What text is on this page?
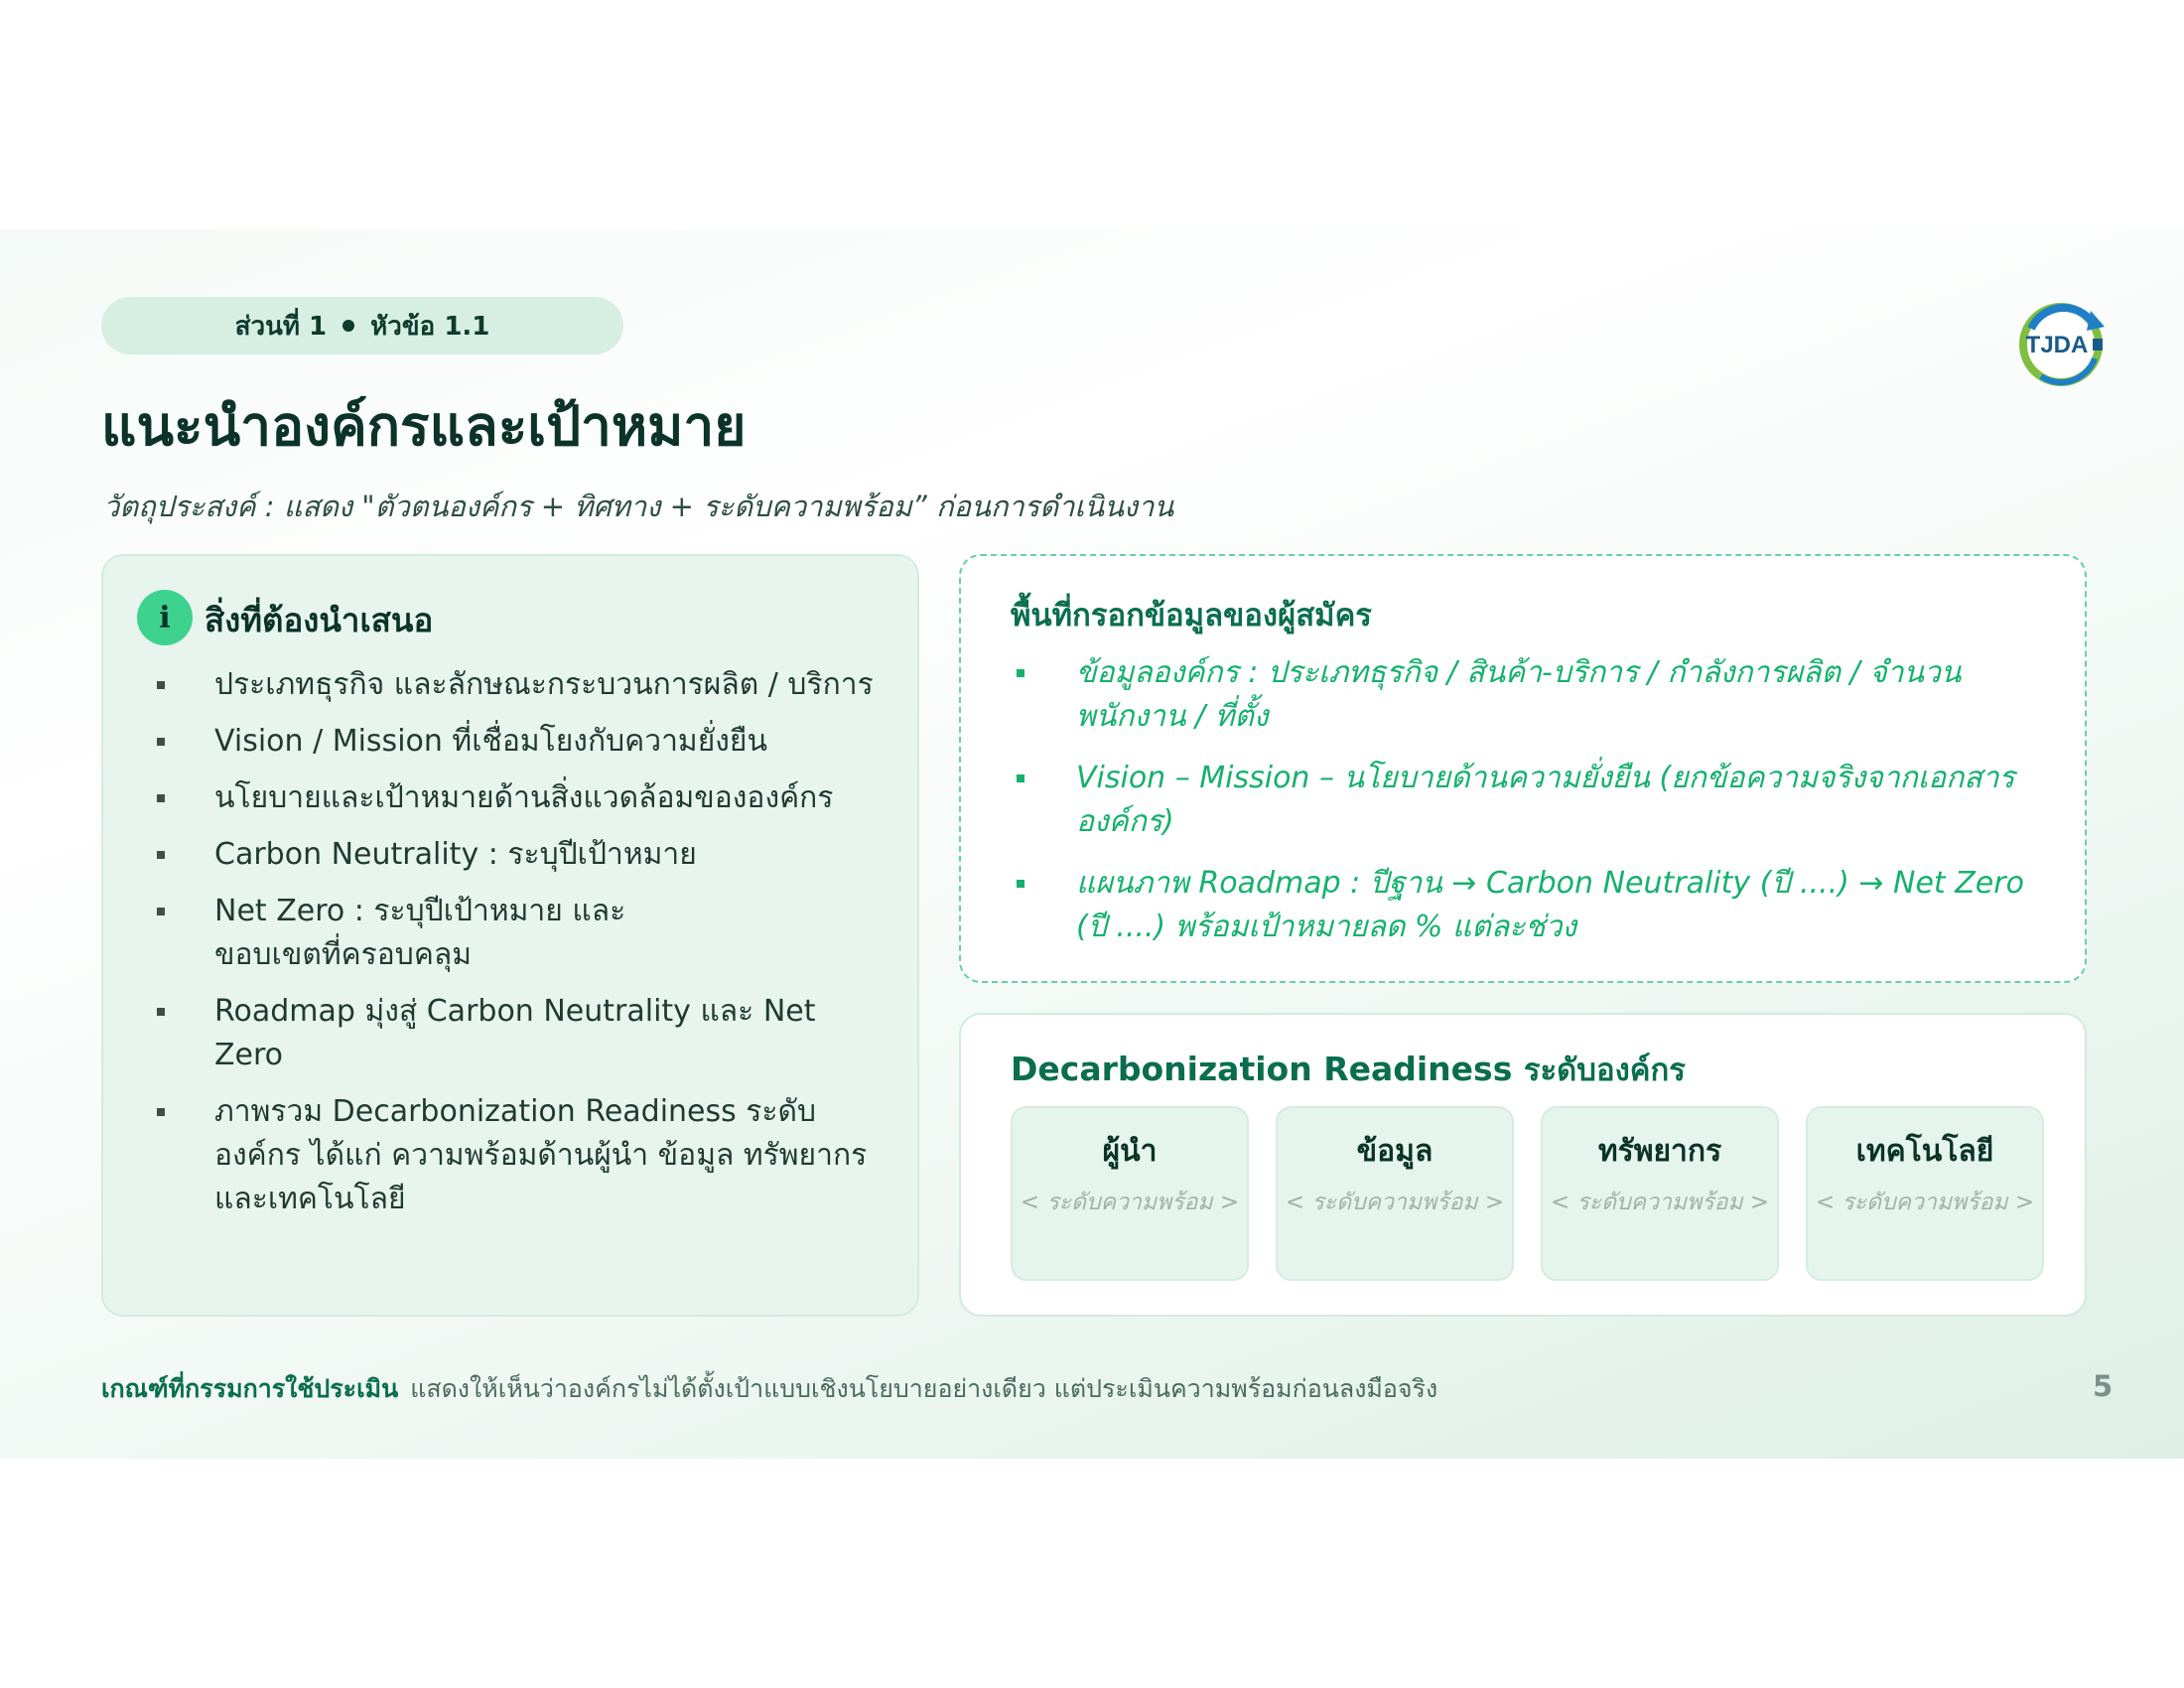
ส่วนที่ 1 หัวข้อ 1.1
TJDA
แนะนำองค์กรและเป้าหมาย

วัตถุประสงค์ : แสดง "ตัวตนองค์กร + ทิศทาง + ระดับความพร้อม” ก่อนการดำเนินงาน

i	สิ่งที่ต้องนำเสนอ
ประเภทธุรกิจ และลักษณะกระบวนการผลิต / บริการ
Vision / Mission ที่เชื่อมโยงกับความยั่งยืน
นโยบายและเป้าหมายด้านสิ่งแวดล้อมขององค์กร
Carbon Neutrality : ระบุปีเป้าหมาย
Net Zero : ระบุปีเป้าหมาย และขอบเขตที่ครอบคลุม
Roadmap มุ่งสู่ Carbon Neutrality และ Net Zero
ภาพรวม Decarbonization Readiness ระดับองค์กร ได้แก่ ความพร้อมด้านผู้นำ ข้อมูล ทรัพยากร และเทคโนโลยี
พื้นที่กรอกข้อมูลของผู้สมัคร
ข้อมูลองค์กร : ประเภทธุรกิจ / สินค้า-บริการ / กำลังการผลิต / จำนวนพนักงาน / ที่ตั้ง
Vision – Mission – นโยบายด้านความยั่งยืน (ยกข้อความจริงจากเอกสารองค์กร)
แผนภาพ Roadmap : ปีฐาน → Carbon Neutrality (ปี ....) → Net Zero (ปี ....) พร้อมเป้าหมายลด % แต่ละช่วง
Decarbonization Readiness ระดับองค์กร
ผู้นำ
< ระดับความพร้อม >
ข้อมูล
< ระดับความพร้อม >
ทรัพยากร
< ระดับความพร้อม >
เทคโนโลยี
< ระดับความพร้อม >

เกณฑ์ที่กรรมการใช้ประเมิน แสดงให้เห็นว่าองค์กรไม่ได้ตั้งเป้าแบบเชิงนโยบายอย่างเดียว แต่ประเมินความพร้อมก่อนลงมือจริง	5
